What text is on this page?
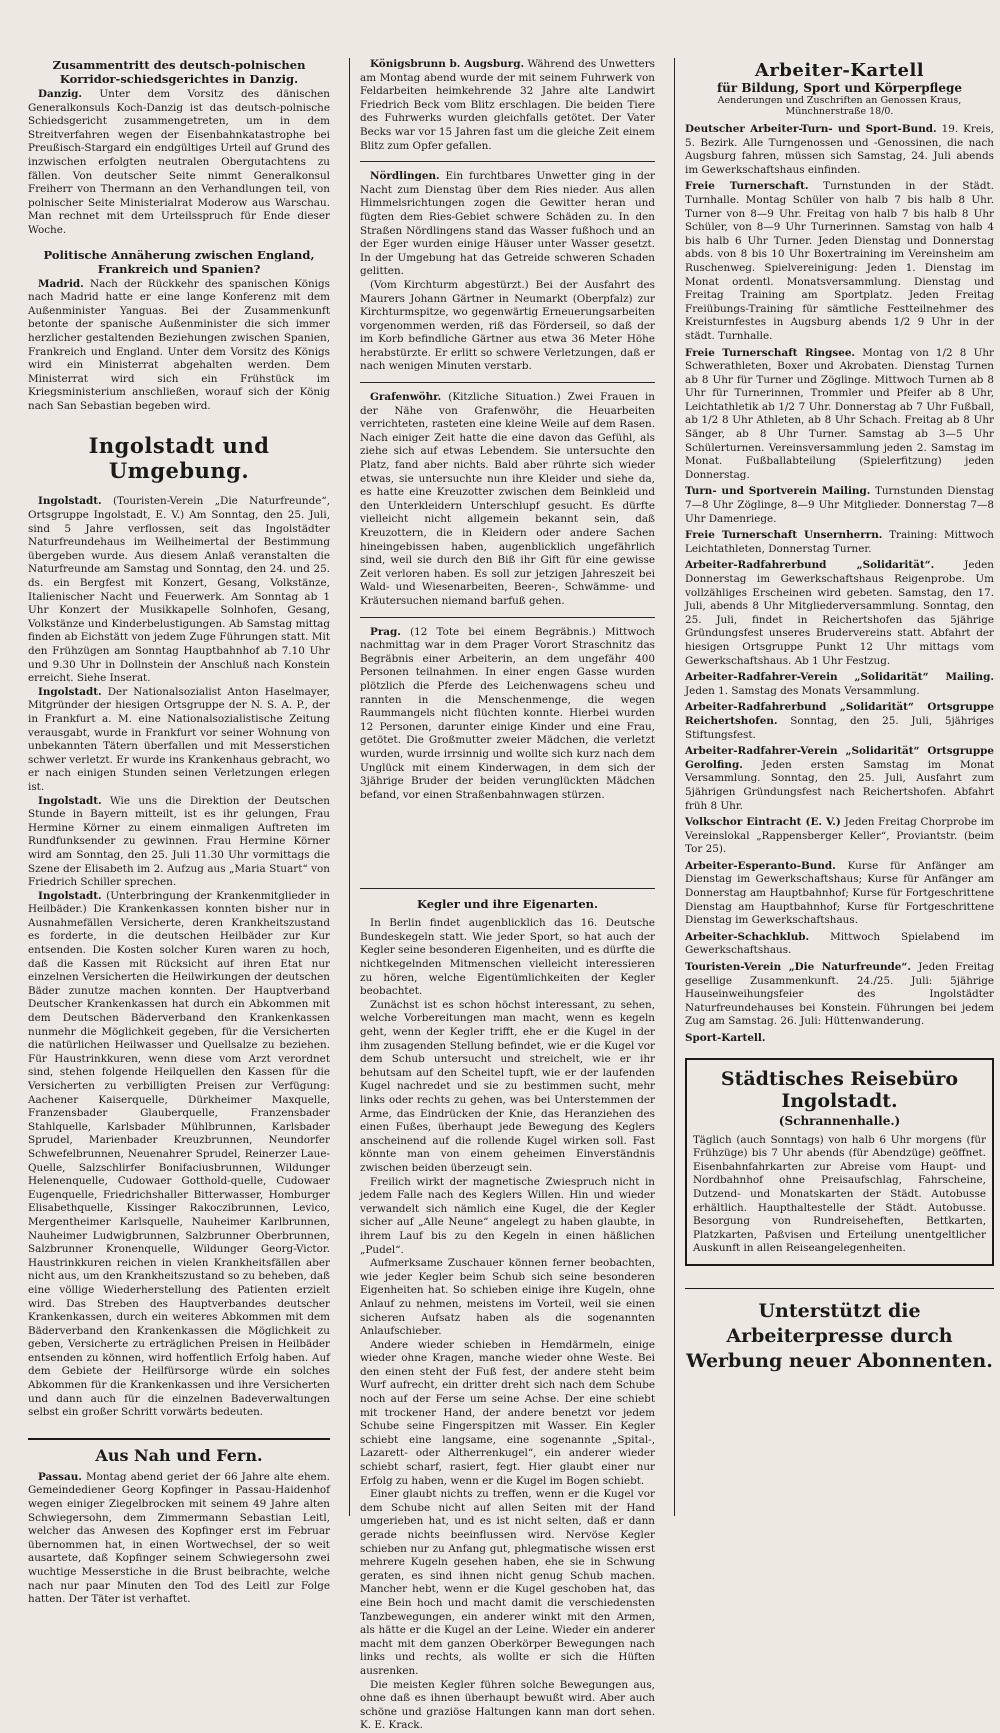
Zusammentritt des deutsch-polnischen Korridor-schiedsgerichtes in Danzig.

Danzig. Unter dem Vorsitz des dänischen Generalkonsuls Koch-Danzig ist das deutsch-polnische Schiedsgericht zusammengetreten, um in dem Streitverfahren wegen der Eisenbahnkatastrophe bei Preußisch-Stargard ein endgültiges Urteil auf Grund des inzwischen erfolgten neutralen Obergutachtens zu fällen. Von deutscher Seite nimmt Generalkonsul Freiherr von Thermann an den Verhandlungen teil, von polnischer Seite Ministerialrat Moderow aus Warschau. Man rechnet mit dem Urteilsspruch für Ende dieser Woche.

Politische Annäherung zwischen England, Frankreich und Spanien?

Madrid. Nach der Rückkehr des spanischen Königs nach Madrid hatte er eine lange Konferenz mit dem Außenminister Yanguas. Bei der Zusammenkunft betonte der spanische Außenminister die sich immer herzlicher gestaltenden Beziehungen zwischen Spanien, Frankreich und England. Unter dem Vorsitz des Königs wird ein Ministerrat abgehalten werden. Dem Ministerrat wird sich ein Frühstück im Kriegsministerium anschließen, worauf sich der König nach San Sebastian begeben wird.

Ingolstadt und Umgebung.

Ingolstadt. (Touristen-Verein „Die Naturfreunde“, Ortsgruppe Ingolstadt, E. V.) Am Sonntag, den 25. Juli, sind 5 Jahre verflossen, seit das Ingolstädter Naturfreundehaus im Weilheimertal der Bestimmung übergeben wurde. Aus diesem Anlaß veranstalten die Naturfreunde am Samstag und Sonntag, den 24. und 25. ds. ein Bergfest mit Konzert, Gesang, Volkstänze, Italienischer Nacht und Feuerwerk. Am Sonntag ab 1 Uhr Konzert der Musikkapelle Solnhofen, Gesang, Volkstänze und Kinderbelustigungen. Ab Samstag mittag finden ab Eichstätt von jedem Zuge Führungen statt. Mit den Frühzügen am Sonntag Hauptbahnhof ab 7.10 Uhr und 9.30 Uhr in Dollnstein der Anschluß nach Konstein erreicht. Siehe Inserat.

Ingolstadt. Der Nationalsozialist Anton Haselmayer, Mitgründer der hiesigen Ortsgruppe der N. S. A. P., der in Frankfurt a. M. eine Nationalsozialistische Zeitung verausgabt, wurde in Frankfurt vor seiner Wohnung von unbekannten Tätern überfallen und mit Messerstichen schwer verletzt. Er wurde ins Krankenhaus gebracht, wo er nach einigen Stunden seinen Verletzungen erlegen ist.

Ingolstadt. Wie uns die Direktion der Deutschen Stunde in Bayern mitteilt, ist es ihr gelungen, Frau Hermine Körner zu einem einmaligen Auftreten im Rundfunksender zu gewinnen. Frau Hermine Körner wird am Sonntag, den 25. Juli 11.30 Uhr vormittags die Szene der Elisabeth im 2. Aufzug aus „Maria Stuart“ von Friedrich Schiller sprechen.

Ingolstadt. (Unterbringung der Krankenmitglieder in Heilbäder.) Die Krankenkassen konnten bisher nur in Ausnahmefällen Versicherte, deren Krankheitszustand es forderte, in die deutschen Heilbäder zur Kur entsenden. Die Kosten solcher Kuren waren zu hoch, daß die Kassen mit Rücksicht auf ihren Etat nur einzelnen Versicherten die Heilwirkungen der deutschen Bäder zunutze machen konnten. Der Hauptverband Deutscher Krankenkassen hat durch ein Abkommen mit dem Deutschen Bäderverband den Krankenkassen nunmehr die Möglichkeit gegeben, für die Versicherten die natürlichen Heilwasser und Quellsalze zu beziehen. Für Haustrinkkuren, wenn diese vom Arzt verordnet sind, stehen folgende Heilquellen den Kassen für die Versicherten zu verbilligten Preisen zur Verfügung: Aachener Kaiserquelle, Dürkheimer Maxquelle, Franzensbader Glauberquelle, Franzensbader Stahlquelle, Karlsbader Mühlbrunnen, Karlsbader Sprudel, Marienbader Kreuzbrunnen, Neundorfer Schwefelbrunnen, Neuenahrer Sprudel, Reinerzer Laue-Quelle, Salzschlirfer Bonifaciusbrunnen, Wildunger Helenenquelle, Cudowaer Gotthold-quelle, Cudowaer Eugenquelle, Friedrichshaller Bitterwasser, Homburger Elisabethquelle, Kissinger Rakoczibrunnen, Levico, Mergentheimer Karlsquelle, Nauheimer Karlbrunnen, Nauheimer Ludwigbrunnen, Salzbrunner Oberbrunnen, Salzbrunner Kronenquelle, Wildunger Georg-Victor. Haustrinkkuren reichen in vielen Krankheitsfällen aber nicht aus, um den Krankheitszustand so zu beheben, daß eine völlige Wiederherstellung des Patienten erzielt wird. Das Streben des Hauptverbandes deutscher Krankenkassen, durch ein weiteres Abkommen mit dem Bäderverband den Krankenkassen die Möglichkeit zu geben, Versicherte zu erträglichen Preisen in Heilbäder entsenden zu können, wird hoffentlich Erfolg haben. Auf dem Gebiete der Heilfürsorge würde ein solches Abkommen für die Krankenkassen und ihre Versicherten und dann auch für die einzelnen Badeverwaltungen selbst ein großer Schritt vorwärts bedeuten.

Aus Nah und Fern.

Passau. Montag abend geriet der 66 Jahre alte ehem. Gemeindediener Georg Kopfinger in Passau-Haidenhof wegen einiger Ziegelbrocken mit seinem 49 Jahre alten Schwiegersohn, dem Zimmermann Sebastian Leitl, welcher das Anwesen des Kopfinger erst im Februar übernommen hat, in einen Wortwechsel, der so weit ausartete, daß Kopfinger seinem Schwiegersohn zwei wuchtige Messerstiche in die Brust beibrachte, welche nach nur paar Minuten den Tod des Leitl zur Folge hatten. Der Täter ist verhaftet.

Königsbrunn b. Augsburg. Während des Unwetters am Montag abend wurde der mit seinem Fuhrwerk von Feldarbeiten heimkehrende 32 Jahre alte Landwirt Friedrich Beck vom Blitz erschlagen. Die beiden Tiere des Fuhrwerks wurden gleichfalls getötet. Der Vater Becks war vor 15 Jahren fast um die gleiche Zeit einem Blitz zum Opfer gefallen.

Nördlingen. Ein furchtbares Unwetter ging in der Nacht zum Dienstag über dem Ries nieder. Aus allen Himmelsrichtungen zogen die Gewitter heran und fügten dem Ries-Gebiet schwere Schäden zu. In den Straßen Nördlingens stand das Wasser fußhoch und an der Eger wurden einige Häuser unter Wasser gesetzt. In der Umgebung hat das Getreide schweren Schaden gelitten.

(Vom Kirchturm abgestürzt.) Bei der Ausfahrt des Maurers Johann Gärtner in Neumarkt (Oberpfalz) zur Kirchturmspitze, wo gegenwärtig Erneuerungsarbeiten vorgenommen werden, riß das Förderseil, so daß der im Korb befindliche Gärtner aus etwa 36 Meter Höhe herabstürzte. Er erlitt so schwere Verletzungen, daß er nach wenigen Minuten verstarb.

Grafenwöhr. (Kitzliche Situation.) Zwei Frauen in der Nähe von Grafenwöhr, die Heuarbeiten verrichteten, rasteten eine kleine Weile auf dem Rasen. Nach einiger Zeit hatte die eine davon das Gefühl, als ziehe sich auf etwas Lebendem. Sie untersuchte den Platz, fand aber nichts. Bald aber rührte sich wieder etwas, sie untersuchte nun ihre Kleider und siehe da, es hatte eine Kreuzotter zwischen dem Beinkleid und den Unterkleidern Unterschlupf gesucht. Es dürfte vielleicht nicht allgemein bekannt sein, daß Kreuzottern, die in Kleidern oder andere Sachen hineingebissen haben, augenblicklich ungefährlich sind, weil sie durch den Biß ihr Gift für eine gewisse Zeit verloren haben. Es soll zur jetzigen Jahreszeit bei Wald- und Wiesenarbeiten, Beeren-, Schwämme- und Kräutersuchen niemand barfuß gehen.

Prag. (12 Tote bei einem Begräbnis.) Mittwoch nachmittag war in dem Prager Vorort Straschnitz das Begräbnis einer Arbeiterin, an dem ungefähr 400 Personen teilnahmen. In einer engen Gasse wurden plötzlich die Pferde des Leichenwagens scheu und rannten in die Menschenmenge, die wegen Raummangels nicht flüchten konnte. Hierbei wurden 12 Personen, darunter einige Kinder und eine Frau, getötet. Die Großmutter zweier Mädchen, die verletzt wurden, wurde irrsinnig und wollte sich kurz nach dem Unglück mit einem Kinderwagen, in dem sich der 3jährige Bruder der beiden verunglückten Mädchen befand, vor einen Straßenbahnwagen stürzen.

Kegler und ihre Eigenarten.

In Berlin findet augenblicklich das 16. Deutsche Bundeskegeln statt. Wie jeder Sport, so hat auch der Kegler seine besonderen Eigenheiten, und es dürfte die nichtkegelnden Mitmenschen vielleicht interessieren zu hören, welche Eigentümlichkeiten der Kegler beobachtet.

Zunächst ist es schon höchst interessant, zu sehen, welche Vorbereitungen man macht, wenn es kegeln geht, wenn der Kegler trifft, ehe er die Kugel in der ihm zusagenden Stellung befindet, wie er die Kugel vor dem Schub untersucht und streichelt, wie er ihr behutsam auf den Scheitel tupft, wie er der laufenden Kugel nachredet und sie zu bestimmen sucht, mehr links oder rechts zu gehen, was bei Unterstemmen der Arme, das Eindrücken der Knie, das Heranziehen des einen Fußes, überhaupt jede Bewegung des Keglers anscheinend auf die rollende Kugel wirken soll. Fast könnte man von einem geheimen Einverständnis zwischen beiden überzeugt sein.

Freilich wirkt der magnetische Zwiespruch nicht in jedem Falle nach des Keglers Willen. Hin und wieder verwandelt sich nämlich eine Kugel, die der Kegler sicher auf „Alle Neune“ angelegt zu haben glaubte, in ihrem Lauf bis zu den Kegeln in einen häßlichen „Pudel“.

Aufmerksame Zuschauer können ferner beobachten, wie jeder Kegler beim Schub sich seine besonderen Eigenheiten hat. So schieben einige ihre Kugeln, ohne Anlauf zu nehmen, meistens im Vorteil, weil sie einen sicheren Aufsatz haben als die sogenannten Anlaufschieber.

Andere wieder schieben in Hemdärmeln, einige wieder ohne Kragen, manche wieder ohne Weste. Bei den einen steht der Fuß fest, der andere steht beim Wurf aufrecht, ein dritter dreht sich nach dem Schube noch auf der Ferse um seine Achse. Der eine schiebt mit trockener Hand, der andere benetzt vor jedem Schube seine Fingerspitzen mit Wasser. Ein Kegler schiebt eine langsame, eine sogenannte „Spital-, Lazarett- oder Altherrenkugel“, ein anderer wieder schiebt scharf, rasiert, fegt. Hier glaubt einer nur Erfolg zu haben, wenn er die Kugel im Bogen schiebt.

Einer glaubt nichts zu treffen, wenn er die Kugel vor dem Schube nicht auf allen Seiten mit der Hand umgerieben hat, und es ist nicht selten, daß er dann gerade nichts beeinflussen wird. Nervöse Kegler schieben nur zu Anfang gut, phlegmatische wissen erst mehrere Kugeln gesehen haben, ehe sie in Schwung geraten, es sind ihnen nicht genug Schub machen. Mancher hebt, wenn er die Kugel geschoben hat, das eine Bein hoch und macht damit die verschiedensten Tanzbewegungen, ein anderer winkt mit den Armen, als hätte er die Kugel an der Leine. Wieder ein anderer macht mit dem ganzen Oberkörper Bewegungen nach links und rechts, als wollte er sich die Hüften ausrenken.

Die meisten Kegler führen solche Bewegungen aus, ohne daß es ihnen überhaupt bewußt wird. Aber auch schöne und graziöse Haltungen kann man dort sehen. K. E. Krack.

Arbeiter-Kartell
für Bildung, Sport und Körperpflege
Aenderungen und Zuschriften an Genossen Kraus, Münchnerstraße 18/0.

Deutscher Arbeiter-Turn- und Sport-Bund. 19. Kreis, 5. Bezirk. Alle Turngenossen und -Genossinen, die nach Augsburg fahren, müssen sich Samstag, 24. Juli abends im Gewerkschaftshaus einfinden.

Freie Turnerschaft. Turnstunden in der Städt. Turnhalle. Montag Schüler von halb 7 bis halb 8 Uhr. Turner von 8—9 Uhr. Freitag von halb 7 bis halb 8 Uhr Schüler, von 8—9 Uhr Turnerinnen. Samstag von halb 4 bis halb 6 Uhr Turner. Jeden Dienstag und Donnerstag abds. von 8 bis 10 Uhr Boxertraining im Vereinsheim am Ruschenweg. Spielvereinigung: Jeden 1. Dienstag im Monat ordentl. Monatsversammlung. Dienstag und Freitag Training am Sportplatz. Jeden Freitag Freiübungs-Training für sämtliche Festteilnehmer des Kreisturnfestes in Augsburg abends 1/2 9 Uhr in der städt. Turnhalle.

Freie Turnerschaft Ringsee. Montag von 1/2 8 Uhr Schwerathleten, Boxer und Akrobaten. Dienstag Turnen ab 8 Uhr für Turner und Zöglinge. Mittwoch Turnen ab 8 Uhr für Turnerinnen, Trommler und Pfeifer ab 8 Uhr, Leichtathletik ab 1/2 7 Uhr. Donnerstag ab 7 Uhr Fußball, ab 1/2 8 Uhr Athleten, ab 8 Uhr Schach. Freitag ab 8 Uhr Sänger, ab 8 Uhr Turner. Samstag ab 3—5 Uhr Schülerturnen. Vereinsversammlung jeden 2. Samstag im Monat. Fußballabteilung (Spielerfitzung) jeden Donnerstag.

Turn- und Sportverein Mailing. Turnstunden Dienstag 7—8 Uhr Zöglinge, 8—9 Uhr Mitglieder. Donnerstag 7—8 Uhr Damenriege.

Freie Turnerschaft Unsernherrn. Training: Mittwoch Leichtathleten, Donnerstag Turner.

Arbeiter-Radfahrerbund „Solidarität“.	Jeden Donnerstag im Gewerkschaftshaus Reigenprobe. Um vollzähliges Erscheinen wird gebeten. Samstag, den 17. Juli, abends 8 Uhr Mitgliederversammlung. Sonntag, den 25. Juli, findet in Reichertshofen das 5jährige Gründungsfest unseres Brudervereins statt. Abfahrt der hiesigen Ortsgruppe Punkt 12 Uhr mittags vom Gewerkschaftshaus. Ab 1 Uhr Festzug.

Arbeiter-Radfahrer-Verein „Solidarität“ Mailing. Jeden 1. Samstag des Monats Versammlung.

Arbeiter-Radfahrerbund „Solidarität“ Ortsgruppe Reichertshofen. Sonntag, den 25. Juli, 5jähriges Stiftungsfest.

Arbeiter-Radfahrer-Verein „Solidarität“ Ortsgruppe Gerolfing. Jeden ersten Samstag im Monat Versammlung. Sonntag, den 25. Juli, Ausfahrt zum 5jährigen Gründungsfest nach Reichertshofen. Abfahrt früh 8 Uhr.

Volkschor Eintracht (E. V.) Jeden Freitag Chorprobe im Vereinslokal „Rappensberger Keller“, Proviantstr. (beim Tor 25).

Arbeiter-Esperanto-Bund. Kurse für Anfänger am Dienstag im Gewerkschaftshaus; Kurse für Anfänger am Donnerstag am Hauptbahnhof; Kurse für Fortgeschrittene Dienstag am Hauptbahnhof; Kurse für Fortgeschrittene Dienstag im Gewerkschaftshaus.

Arbeiter-Schachklub. Mittwoch Spielabend im Gewerkschaftshaus.

Touristen-Verein „Die Naturfreunde“. Jeden Freitag gesellige Zusammenkunft. 24./25. Juli: 5jährige Hauseinweihungsfeier des Ingolstädter Naturfreundehauses bei Konstein. Führungen bei jedem Zug am Samstag. 26. Juli: Hüttenwanderung.

Sport-Kartell.

Städtisches Reisebüro Ingolstadt.
(Schrannenhalle.)

Täglich (auch Sonntags) von halb 6 Uhr morgens (für Frühzüge) bis 7 Uhr abends (für Abendzüge) geöffnet. Eisenbahnfahrkarten zur Abreise vom Haupt- und Nordbahnhof ohne Preisaufschlag, Fahrscheine, Dutzend- und Monatskarten der Städt. Autobusse erhältlich. Haupthaltestelle der Städt. Autobusse. Besorgung von Rundreiseheften, Bettkarten, Platzkarten, Paßvisen und Erteilung unentgeltlicher Auskunft in allen Reiseangelegenheiten.

Unterstützt die Arbeiterpresse durch Werbung neuer Abonnenten.
